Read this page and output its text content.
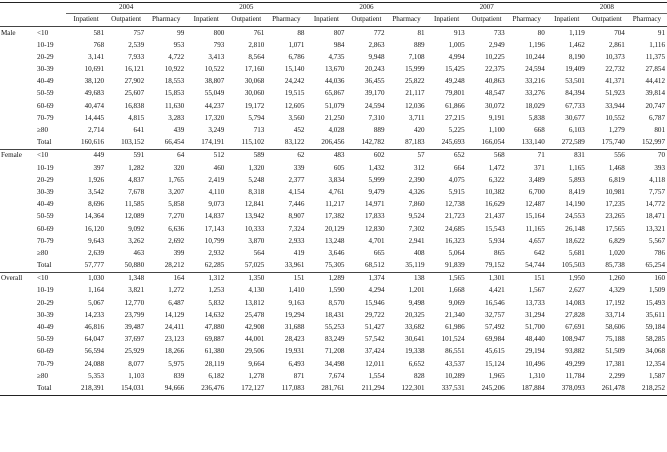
		2004			2005			2006			2007			2008		
		Inpatient	Outpatient	Pharmacy	Inpatient	Outpatient	Pharmacy	Inpatient	Outpatient	Pharmacy	Inpatient	Outpatient	Pharmacy	Inpatient	Outpatient	Pharmacy
Male	<10	581	757	99	800	761	88	807	772	81	913	733	80	1,119	704	91
	10-19	768	2,539	953	793	2,810	1,071	984	2,863	889	1,005	2,949	1,196	1,462	2,861	1,116
	20-29	3,141	7,933	4,722	3,413	8,564	6,786	4,735	9,948	7,108	4,994	10,225	10,244	8,190	10,373	11,375
	30-39	10,691	16,121	10,922	10,522	17,160	15,140	13,670	20,243	15,999	15,425	22,375	24,594	19,409	22,732	27,854
	40-49	38,120	27,902	18,553	38,807	30,068	24,242	44,036	36,455	25,822	49,248	40,863	33,216	53,501	41,371	44,412
	50-59	49,683	25,607	15,853	55,049	30,060	19,515	65,867	39,170	21,117	79,801	48,547	33,276	84,394	51,923	39,814
	60-69	40,474	16,838	11,630	44,237	19,172	12,605	51,079	24,594	12,036	61,866	30,072	18,029	67,733	33,944	20,747
	70-79	14,445	4,815	3,283	17,320	5,794	3,560	21,250	7,310	3,711	27,215	9,191	5,838	30,677	10,552	6,787
	≥80	2,714	641	439	3,249	713	452	4,028	889	420	5,225	1,100	668	6,103	1,279	801
	Total	160,616	103,152	66,454	174,191	115,102	83,122	206,456	142,782	87,183	245,693	166,054	133,140	272,589	175,740	152,997
Female	<10	449	591	64	512	589	62	483	602	57	652	568	71	831	556	70
	10-19	397	1,282	320	460	1,320	339	605	1,432	312	664	1,472	371	1,165	1,468	393
	20-29	1,926	4,837	1,765	2,419	5,248	2,377	3,834	5,999	2,390	4,075	6,322	3,489	5,893	6,819	4,118
	30-39	3,542	7,678	3,207	4,110	8,318	4,154	4,761	9,479	4,326	5,915	10,382	6,700	8,419	10,981	7,757
	40-49	8,696	11,585	5,858	9,073	12,841	7,446	11,217	14,971	7,860	12,738	16,629	12,487	14,190	17,235	14,772
	50-59	14,364	12,089	7,270	14,837	13,942	8,907	17,382	17,833	9,524	21,723	21,437	15,164	24,553	23,265	18,471
	60-69	16,120	9,092	6,636	17,143	10,333	7,324	20,129	12,830	7,302	24,685	15,543	11,165	26,148	17,565	13,321
	70-79	9,643	3,262	2,692	10,799	3,870	2,933	13,248	4,701	2,941	16,323	5,934	4,657	18,622	6,829	5,567
	≥80	2,639	463	399	2,932	564	419	3,646	665	408	5,064	865	642	5,681	1,020	786
	Total	57,777	50,880	28,212	62,285	57,025	33,961	75,305	68,512	35,119	91,839	79,152	54,744	105,503	85,738	65,254
Overall	<10	1,030	1,348	164	1,312	1,350	151	1,289	1,374	138	1,565	1,301	151	1,950	1,260	160
	10-19	1,164	3,821	1,272	1,253	4,130	1,410	1,590	4,294	1,201	1,668	4,421	1,567	2,627	4,329	1,509
	20-29	5,067	12,770	6,487	5,832	13,812	9,163	8,570	15,946	9,498	9,069	16,546	13,733	14,083	17,192	15,493
	30-39	14,233	23,799	14,129	14,632	25,478	19,294	18,431	29,722	20,325	21,340	32,757	31,294	27,828	33,714	35,611
	40-49	46,816	39,487	24,411	47,880	42,908	31,688	55,253	51,427	33,682	61,986	57,492	51,700	67,691	58,606	59,184
	50-59	64,047	37,697	23,123	69,887	44,001	28,423	83,249	57,542	30,641	101,524	69,984	48,440	108,947	75,188	58,285
	60-69	56,594	25,929	18,266	61,380	29,506	19,931	71,208	37,424	19,338	86,551	45,615	29,194	93,882	51,509	34,068
	70-79	24,088	8,077	5,975	28,119	9,664	6,493	34,498	12,011	6,652	43,537	15,124	10,496	49,299	17,381	12,354
	≥80	5,353	1,103	839	6,182	1,278	871	7,674	1,554	828	10,289	1,965	1,310	11,784	2,299	1,587
	Total	218,391	154,031	94,666	236,476	172,127	117,083	281,761	211,294	122,301	337,531	245,206	187,884	378,093	261,478	218,252
